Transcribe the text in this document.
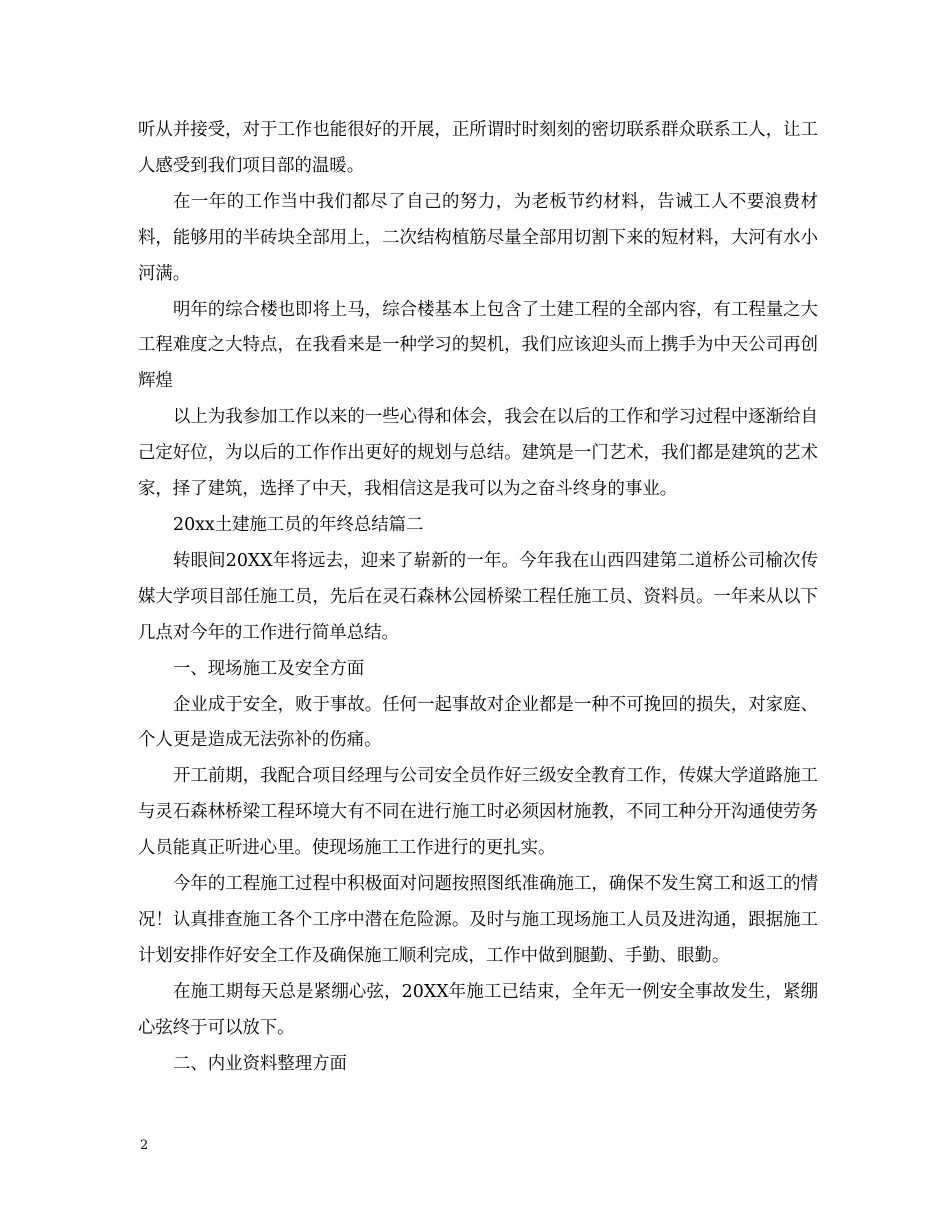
听从并接受，对于工作也能很好的开展，正所谓时时刻刻的密切联系群众联系工人，让工人感受到我们项目部的温暖。

在一年的工作当中我们都尽了自己的努力，为老板节约材料，告诫工人不要浪费材料，能够用的半砖块全部用上，二次结构植筋尽量全部用切割下来的短材料，大河有水小河满。

明年的综合楼也即将上马，综合楼基本上包含了土建工程的全部内容，有工程量之大工程难度之大特点，在我看来是一种学习的契机，我们应该迎头而上携手为中天公司再创辉煌

以上为我参加工作以来的一些心得和体会，我会在以后的工作和学习过程中逐渐给自己定好位，为以后的工作作出更好的规划与总结。建筑是一门艺术，我们都是建筑的艺术家，择了建筑，选择了中天，我相信这是我可以为之奋斗终身的事业。

20xx土建施工员的年终总结篇二

转眼间20XX年将远去，迎来了崭新的一年。今年我在山西四建第二道桥公司榆次传媒大学项目部任施工员，先后在灵石森林公园桥梁工程任施工员、资料员。一年来从以下几点对今年的工作进行简单总结。

一、现场施工及安全方面

企业成于安全，败于事故。任何一起事故对企业都是一种不可挽回的损失，对家庭、个人更是造成无法弥补的伤痛。

开工前期，我配合项目经理与公司安全员作好三级安全教育工作，传媒大学道路施工与灵石森林桥梁工程环境大有不同在进行施工时必须因材施教，不同工种分开沟通使劳务人员能真正听进心里。使现场施工工作进行的更扎实。

今年的工程施工过程中积极面对问题按照图纸准确施工，确保不发生窝工和返工的情况！认真排查施工各个工序中潜在危险源。及时与施工现场施工人员及进沟通，跟据施工计划安排作好安全工作及确保施工顺利完成，工作中做到腿勤、手勤、眼勤。

在施工期每天总是紧绷心弦，20XX年施工已结束，全年无一例安全事故发生，紧绷心弦终于可以放下。

二、内业资料整理方面

2
